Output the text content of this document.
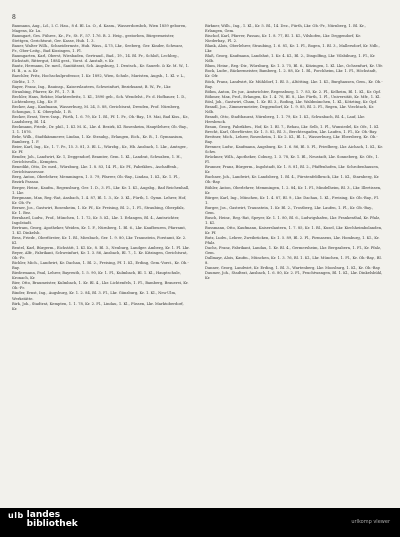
8

Baumann, Aug., Ld., I. C. Hau., 8 d. Bl. Ls. O., d. Kasm., Wasserdornbch, Wien 1859 geboren, Magens, Kr. Lu.

Baumgart, Ges. Führer., Kr., Fr., St. F., 57. 1.76. B. 2. Heig., gestorben, Bürgermeister, Stettgen, Gerichtsrat, Ger. Kasse, Hub. 1. 3.

Bauer, Walter Wilh., Schneidermstr., Hub. Wass., 4.75, Lkr., Seeberg, Ger. Kinder, Schwarz, Fr., Ober-Leitg., Bad Kissingen, 1. Fl.

Baumgarten, Karl, Oberst, Wiesbaden, Gertraud., Bad., 19., 14. Bl. Fr., Schloß, Lechbrg., Eichstatt, Rittergut, 1884 gest., Vorst. d. Anstalt, v. Kr.

Bautz, Hermann, Dr. med., Sanitätsrat, Sch. Augsburg, 1. Deutsch., Kr. Sauerb. & Kr. M. W., 1. H. B., u. a. Kr.

Baechler, Fritz, Hochschulprofessor, 1. Kr. 1892, Wien, Schulr., Maristen, Augsb., 1. Kl. v. L., Görlitz, 1. 7.

Bayer, Franz, Ing., Bauinsp., Kaiserslautern, Schweinfurt, Bezirksamt, B. W., Fr., Lkr. Straubing, Pfarrer, Kr. Pf., 1. 7. B.

Bechler, Hans, Rektor, Marktredwitz, 1. Kl., 1890 geb., Sch. Wendelst., Fr. d. Hofbauer, 1. D., Lichtenberg, Lbg., Kr. F.

Becker, Aug., Kaufmann, Wasserburg, M. 24, 5. 88, Gerichtsrat, Dresden, Prof. Nürnberg, Schongau, 1. K. Oberpfalz, 1. B.

Becker, Ernst, Verw.-Insp., Fürth, 1. 6. 79, Kr. 1. Bl., Pf. 1. Fr., Ob.-Bay., 19. Mai, Bad Kiss., Kr., Landsberg, Bl. 14.

Beckmann, Friedr., Dr. phil., 1. Kl. M. K., Lkr. d. Bezirk, Kl. Rosenheim, Hauptlehrer, Ob.-Bay., 1. 1. 1876.

Behr, Wilh., Stadtkämmerer, Lindau, 1. Kr. Straubg., Erlangen, Eich., Kr. B., 1. Gymnasium, Bamberg, 1. F.

Beier, Karl, Ing., Kr., 1. 7. Pr., 15. 3. 81, 3. Bl. L., Würzbg., Kr., Hb. Ansbach, 1. Lkr., Amtsger., Kr. Pf.

Bender, Joh., Landwirt, Kr. 1, Deggendorf, Beamter, Gem. 1. Kl., Landrat, Schwaben, 1. H., Gerichtsvollz., Kempten.

Benedikt, Otto, Dr. med., Würzburg, Lkr. 1. 8. 83, 14. Fl., Kr. Pf., Fabrikbes., Aschaffenb., Gerichtsassessor.

Berg, Anton, Oberlehrer, Memmingen, 1. 5. 79, Pfarrer, Ob.-Bay., Lindau, 1. Kl., Kr. 1. Fl., Bezirk Passau.

Berger, Heinr., Kaufm., Regensburg, Ger. 1. D., 3. Fl., Lkr. Kr. 1. Kl., Augsbg., Bad Reichenhall, 1. Lkr.

Bergmann, Max, Reg.-Rat, Ansbach, 1. 4. 87, Bl. 1. 3., Kr. 3. Kl., Fürth, 1. Gymn. Lehrer, Hof, Kr. Ob.-Fr.

Berner, Jos., Gastwirt, Rosenheim, 1. Kr. Pf., Kr. Freising, Bl. 2., 1. Fl., Straubing, Oberpfalz, Kr. 1. Bez.

Bernhard, Ludw., Prof., München, 1. 1. 72, Kr. 5. Kl., Lkr. 1. Erlangen, Bl. 4., Amtsrichter, Ingolstadt.

Bertram, Georg, Apotheker, Weiden, Kr. 1. F., Nürnberg, 1. Bl. 6., Lkr. Kaufbeuren, Pfarramt, 1. Kl. Dinkelsb.

Bess, Friedr., Oberförster, Kr. 1. Bl., Miesbach, Ger. 1. 9. 80, Lkr. Traunstein, Forstamt, Kr. 2. Kl.

Beutel, Karl, Bürgerm., Eichstätt, 1. Kl. Kr., 8. Bl. 3., Neuburg, Landger. Amberg, Kr. 1. Fl. Lkr.

Beyer, Alfr., Fabrikant, Schweinfurt, Kr. 1. 3. 86, Ansbach, Bl. 7., 1. Kr. Kitzingen, Gerichtsrat, Ob.-Fr.

Bichler, Mich., Landwirt, Kr. Dachau, 1. Bl. 2., Freising, Pf. 1. Kl., Erding, Gem.-Vorst., Kr. Ob.-Bay.

Biedermann, Paul, Lehrer, Bayreuth, 1. 5. 90, Kr. 1. Fl., Kulmbach, Bl. 1. Kl., Hauptschule, Kronach, Kr.

Bier, Otto, Braumeister, Kulmbach, 1. Kr. Bl. 4., Lkr. Lichtenfels, 1. Fl., Bamberg, Brauerei, Kr. Ob.-Fr.

Binder, Ernst, Ing., Augsburg, Kr. 1. 2. 84, Bl. 3. Fl., Lkr. Günzburg, Kr. 1. Kl., Neu-Ulm, Werkstätte.

Birk, Joh., Stadtrat, Kempten, 1. 1. 78, Kr. 2. Fl., Lindau, 1. Kl., Füssen, Lkr. Marktoberdorf, Kr.

Birkner, Wilh., Ing., 1. Kl., Kr. 5. Bl., 14. Dez., Fürth, Lkr. Ob.-Fr., Nürnberg, 1. Bl. Kr., Erlangen, Gem.

Bischof, Karl, Pfarrer, Passau, Kr. 1. 8. 77, Bl. 1. Kl., Vilshofen, Lkr. Deggendorf, Kr. Niederbay., Fl. 2.

Blank, Alois, Oberlehrer, Straubing, 1. 6. 81, Kr. 1. Fl., Bogen, 1. Bl. 3., Mallersdorf, Kr. Ndb., Lkr.

Blaß, Georg, Kaufmann, Landshut, 1. Kr. 4. Kl., Bl. 2., Dingolfing, Lkr. Vilsbiburg, 1. Fl., Kr. Ndb.

Blum, Heinr., Reg.-Dir., Würzburg, Kr. 1. 3. 75, Bl. 6., Kitzingen, 1. Kl. Lkr., Ochsenfurt, Kr. Ufr.

Bock, Ludw., Bäckermeister, Bamberg, 1. 2. 88, Kr. 1. Bl., Forchheim, Lkr. 1. Fl., Höchstadt, Kr. Ofr.

Böck, Franz, Landwirt, Kr. Mühldorf, 1. Bl. 5., Altötting, Lkr. 1. Kl., Burghausen, Gem., Kr. Ob.-Bay.

Böhm, Anton, Dr. jur., Amtsrichter, Regensburg, 1. 7. 83, Kr. 2. Fl., Kelheim, Bl. 1. Kl., Kr. Opf.

Böhmer, Max, Prof., Erlangen, Kr. 1. 4. 70, Bl. 8., Lkr. Fürth, 1. Fl., Universität, Kr. Mfr., 1. Kl.

Bösl, Joh., Gastwirt, Cham, 1. Kr. Bl. 3., Roding, Lkr. Waldmünchen, 1. Kl., Kötzting, Kr. Opf.

Brandl, Jos., Zimmermeister, Deggendorf, Kr. 1. 9. 85, Bl. 2. Fl., Regen, Lkr. Viechtach, Kr. Ndb.

Brandt, Otto, Stadtbaurat, Nürnberg, 1. 1. 79, Kr. 1. Kl., Schwabach, Bl. 4., Lauf, Lkr. Hersbruck.

Braun, Georg, Fabrikbes., Hof, Kr. 1. Bl. 7., Rehau, Lkr. Selb, 1. Fl., Wunsiedel, Kr. Ofr., 1. Kl.

Brecht, Karl, Oberförster, Kr. 1. 5. 82, Bl. 3., Berchtesgaden, Lkr. Laufen, 1. Fl., Kr. Ob.-Bay.

Breitner, Mich., Lehrer, Rosenheim, 1. Kr. 2. Kl., Bl. 1., Wasserburg, Lkr. Ebersberg, Kr. Ob.-Bay.

Brenner, Ludw., Kaufmann, Augsburg, Kr. 1. 6. 86, Bl. 5. Fl., Friedberg, Lkr. Aichach, 1. Kl., Kr. Schw.

Brückner, Wilh., Apotheker, Coburg, 1. 3. 78, Kr. 1. Bl., Neustadt, Lkr. Sonneberg, Kr. Ofr., 1. Fl.

Brunner, Franz, Bürgerm., Ingolstadt, Kr. 1. 8. 81, Bl. 2., Pfaffenhofen, Lkr. Schrobenhausen, Kr.

Buchner, Joh., Landwirt, Kr. Landsberg, 1. Bl. 4., Fürstenfeldbruck, Lkr. 1. Kl., Starnberg, Kr. Ob.-Bay.

Bühler, Anton, Oberlehrer, Memmingen, 1. 2. 84, Kr. 1. Fl., Mindelheim, Bl. 3., Lkr. Illertissen, Kr.

Bürger, Karl, Ing., München, Kr. 1. 4. 87, Bl. 9., Lkr. Dachau, 1. Kl., Freising, Kr. Ob.-Bay., Fl. 1.

Burger, Jos., Gastwirt, Traunstein, 1. Kr. Bl. 2., Trostberg, Lkr. Laufen, 1. Fl., Kr. Ob.-Bay., Gem.

Busch, Heinr., Reg.-Rat, Speyer, Kr. 1. 1. 80, Bl. 6., Ludwigshafen, Lkr. Frankenthal, Kr. Pfalz, 1. Kl.

Bussmann, Otto, Kaufmann, Kaiserslautern, 1. 7. 85, Kr. 1. Bl., Kusel, Lkr. Kirchheimbolanden, Kr. Pf.

Butz, Ludw., Lehrer, Zweibrücken, Kr. 1. 5. 89, Bl. 2. Fl., Pirmasens, Lkr. Homburg, 1. Kl., Kr. Pfalz.

Dachs, Franz, Fabrikant, Landau, 1. Kr. Bl. 4., Germersheim, Lkr. Bergzabern, 1. Fl., Kr. Pfalz, Gem.

Dallmayr, Alois, Kaufm., München, Kr. 1. 3. 76, Bl. 1. Kl., Lkr. München, 1. Fl., Kr. Ob.-Bay., Bl. 8.

Danner, Georg, Landwirt, Kr. Erding, 1. Bl. 3., Wartenberg, Lkr. Moosburg, 1. Kl., Kr. Ob.-Bay.

Daumer, Joh., Stadtrat, Ansbach, 1. 6. 80, Kr. 2. Fl., Feuchtwangen, Bl. 1. Kl., Lkr. Dinkelsbühl, Kr.

ulb landes
bibliothek	urlkomp vlewer
